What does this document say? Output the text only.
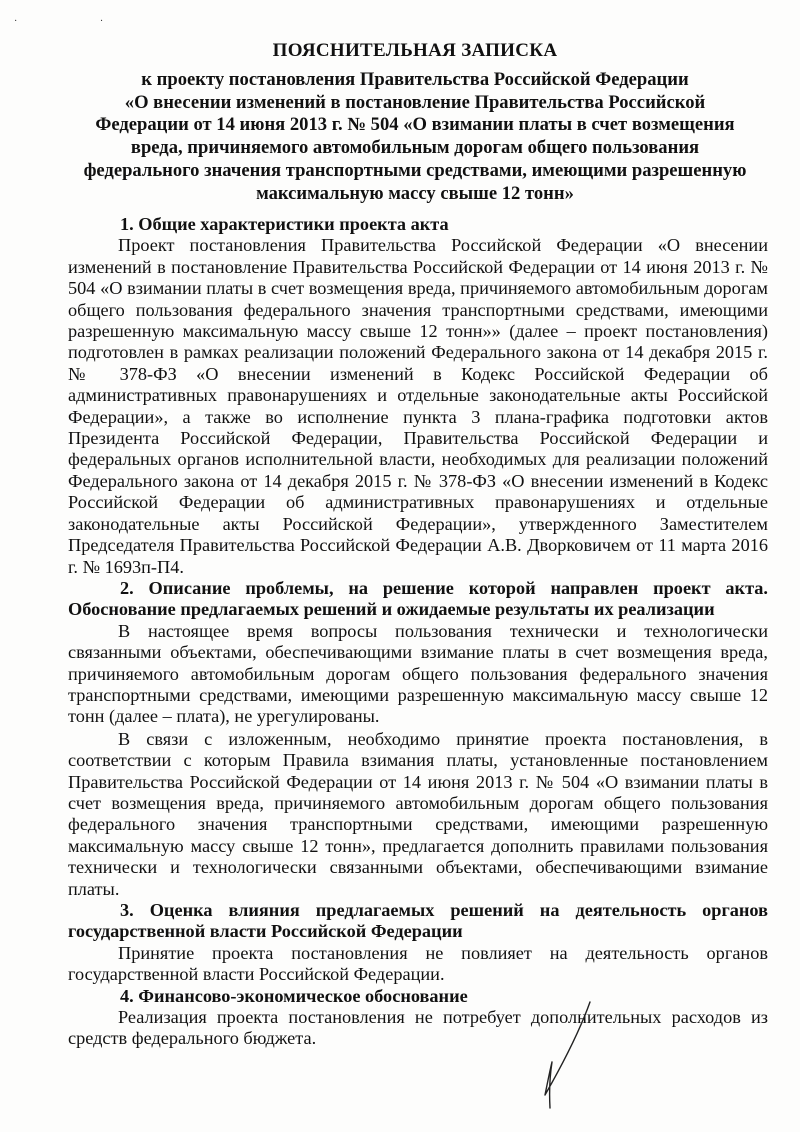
· ·
ПОЯСНИТЕЛЬНАЯ ЗАПИСКА
к проекту постановления Правительства Российской Федерации
«О внесении изменений в постановление Правительства Российской
Федерации от 14 июня 2013 г. № 504 «О взимании платы в счет возмещения
вреда, причиняемого автомобильным дорогам общего пользования
федерального значения транспортными средствами, имеющими разрешенную
максимальную массу свыше 12 тонн»
1. Общие характеристики проекта акта
Проект постановления Правительства Российской Федерации «О внесении изменений в постановление Правительства Российской Федерации от 14 июня 2013 г. № 504 «О взимании платы в счет возмещения вреда, причиняемого автомобильным дорогам общего пользования федерального значения транспортными средствами, имеющими разрешенную максимальную массу свыше 12 тонн»» (далее – проект постановления) подготовлен в рамках реализации положений Федерального закона от 14 декабря 2015 г. № 378-ФЗ «О внесении изменений в Кодекс Российской Федерации об административных правонарушениях и отдельные законодательные акты Российской Федерации», а также во исполнение пункта 3 плана-графика подготовки актов Президента Российской Федерации, Правительства Российской Федерации и федеральных органов исполнительной власти, необходимых для реализации положений Федерального закона от 14 декабря 2015 г. № 378-ФЗ «О внесении изменений в Кодекс Российской Федерации об административных правонарушениях и отдельные законодательные акты Российской Федерации», утвержденного Заместителем Председателя Правительства Российской Федерации А.В. Дворковичем от 11 марта 2016 г. № 1693п-П4.
2. Описание проблемы, на решение которой направлен проект акта. Обоснование предлагаемых решений и ожидаемые результаты их реализации
В настоящее время вопросы пользования технически и технологически связанными объектами, обеспечивающими взимание платы в счет возмещения вреда, причиняемого автомобильным дорогам общего пользования федерального значения транспортными средствами, имеющими разрешенную максимальную массу свыше 12 тонн (далее – плата), не урегулированы.
В связи с изложенным, необходимо принятие проекта постановления, в соответствии с которым Правила взимания платы, установленные постановлением Правительства Российской Федерации от 14 июня 2013 г. № 504 «О взимании платы в счет возмещения вреда, причиняемого автомобильным дорогам общего пользования федерального значения транспортными средствами, имеющими разрешенную максимальную массу свыше 12 тонн», предлагается дополнить правилами пользования технически и технологически связанными объектами, обеспечивающими взимание платы.
3. Оценка влияния предлагаемых решений на деятельность органов государственной власти Российской Федерации
Принятие проекта постановления не повлияет на деятельность органов государственной власти Российской Федерации.
4. Финансово-экономическое обоснование
Реализация проекта постановления не потребует дополнительных расходов из средств федерального бюджета.
